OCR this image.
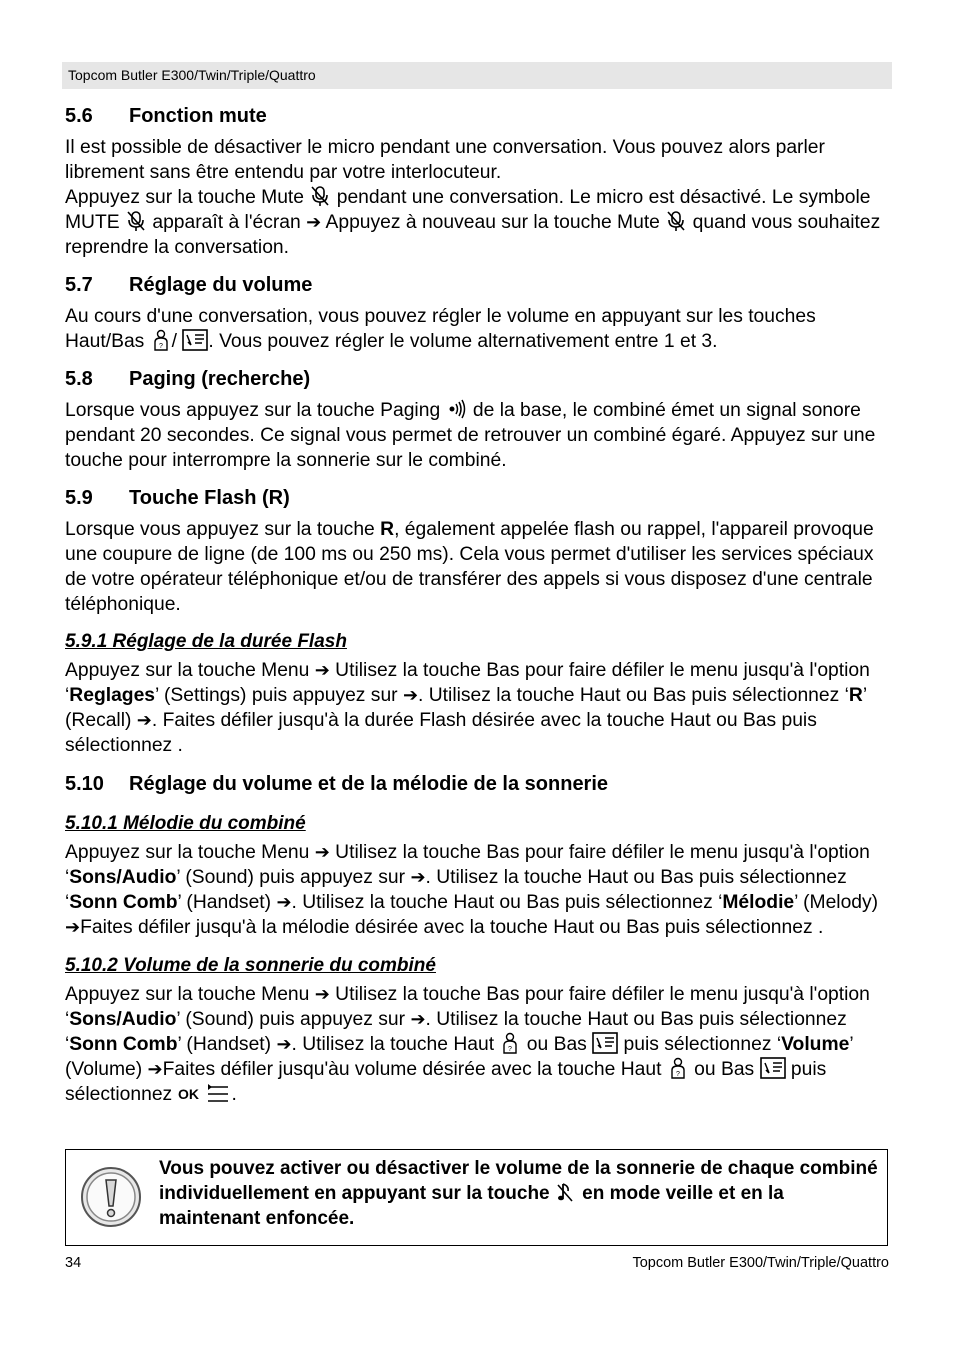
Topcom Butler E300/Twin/Triple/Quattro
5.6 Fonction mute

Il est possible de désactiver le micro pendant une conversation. Vous pouvez alors parler librement sans être entendu par votre interlocuteur.

Appuyez sur la touche Mute
pendant une conversation. Le micro est désactivé. Le symbole MUTE
apparaît à l'écran ➔ Appuyez à nouveau sur la touche Mute
quand vous souhaitez reprendre la conversation.

5.7 Réglage du volume

Au cours d'une conversation, vous pouvez régler le volume en appuyant sur les touches Haut/Bas ? /
. Vous pouvez régler le volume alternativement entre 1 et 3.

5.8 Paging (recherche)

Lorsque vous appuyez sur la touche Paging
de la base, le combiné émet un signal sonore pendant 20 secondes. Ce signal vous permet de retrouver un combiné égaré. Appuyez sur une touche pour interrompre la sonnerie sur le combiné.

5.9 Touche Flash (R)

Lorsque vous appuyez sur la touche R, également appelée flash ou rappel, l'appareil provoque une coupure de ligne (de 100 ms ou 250 ms). Cela vous permet d'utiliser les services spéciaux de votre opérateur téléphonique et/ou de transférer des appels si vous disposez d'une centrale téléphonique.

5.9.1 Réglage de la durée Flash

Appuyez sur la touche Menu ➔ Utilisez la touche Bas pour faire défiler le menu jusqu'à l'option ‘Reglages’ (Settings) puis appuyez sur ➔. Utilisez la touche Haut ou Bas puis sélectionnez ‘R’ (Recall) ➔. Faites défiler jusqu'à la durée Flash désirée avec la touche Haut ou Bas puis sélectionnez .

5.10 Réglage du volume et de la mélodie de la sonnerie
5.10.1 Mélodie du combiné

Appuyez sur la touche Menu ➔ Utilisez la touche Bas pour faire défiler le menu jusqu'à l'option ‘Sons/Audio’ (Sound) puis appuyez sur ➔. Utilisez la touche Haut ou Bas puis sélectionnez ‘Sonn Comb’ (Handset) ➔. Utilisez la touche Haut ou Bas puis sélectionnez ‘Mélodie’ (Melody) ➔Faites défiler jusqu'à la mélodie désirée avec la touche Haut ou Bas puis sélectionnez .

5.10.2 Volume de la sonnerie du combiné

Appuyez sur la touche Menu ➔ Utilisez la touche Bas pour faire défiler le menu jusqu'à l'option ‘Sons/Audio’ (Sound) puis appuyez sur ➔. Utilisez la touche Haut ou Bas puis sélectionnez ‘Sonn Comb’ (Handset) ➔. Utilisez la touche Haut ? ou Bas
puis sélectionnez ‘Volume’ (Volume) ➔Faites défiler jusqu'àu volume désirée avec la touche Haut ? ou Bas
puis sélectionnez OK .

Vous pouvez activer ou désactiver le volume de la sonnerie de chaque combiné individuellement en appuyant sur la touche
en mode veille et en la maintenant enfoncée.
34	Topcom Butler E300/Twin/Triple/Quattro
